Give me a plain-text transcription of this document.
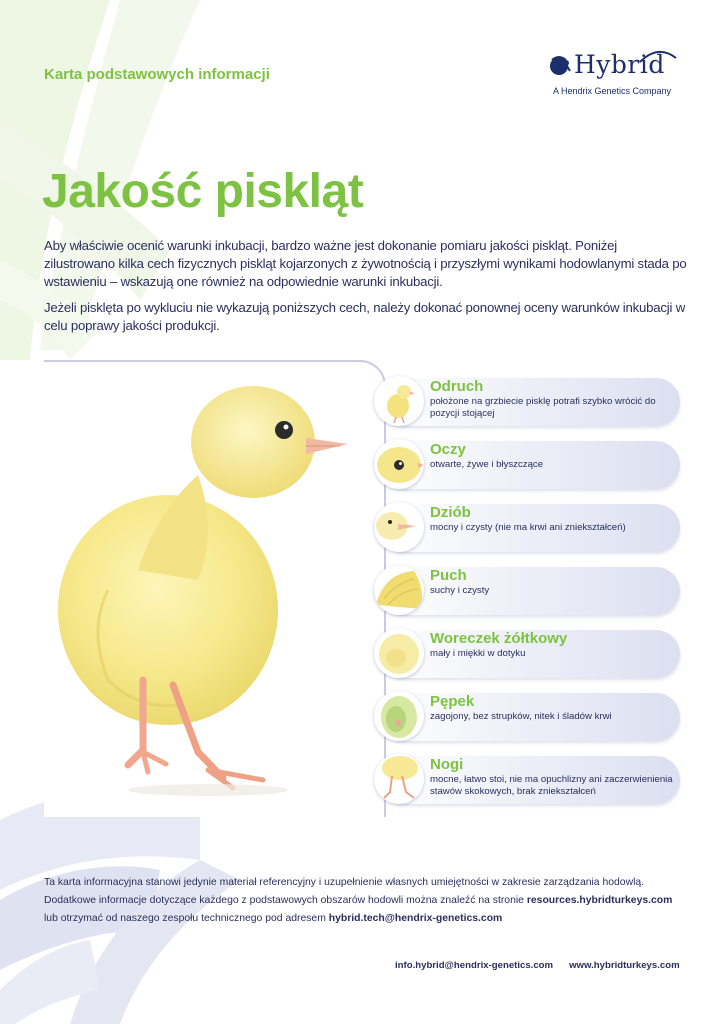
Karta podstawowych informacji	Hybrid
A Hendrix Genetics Company
Jakość piskląt

Aby właściwie ocenić warunki inkubacji, bardzo ważne jest dokonanie pomiaru jakości piskląt. Poniżej zilustrowano kilka cech fizycznych piskląt kojarzonych z żywotnością i przyszłymi wynikami hodowlanymi stada po wstawieniu – wskazują one również na odpowiednie warunki inkubacji.

Jeżeli pisklęta po wykluciu nie wykazują poniższych cech, należy dokonać ponownej oceny warunków inkubacji w celu poprawy jakości produkcji.

Odruch
położone na grzbiecie pisklę potrafi szybko wrócić do pozycji stojącej
Oczy
otwarte, żywe i błyszczące
Dziób
mocny i czysty (nie ma krwi ani zniekształceń)
Puch
suchy i czysty
Woreczek żółtkowy
mały i miękki w dotyku
Pępek
zagojony, bez strupków, nitek i śladów krwi
Nogi
mocne, łatwo stoi, nie ma opuchlizny ani zaczerwienienia stawów skokowych, brak zniekształceń

Ta karta informacyjna stanowi jedynie materiał referencyjny i uzupełnienie własnych umiejętności w zakresie zarządzania hodowlą.
Dodatkowe informacje dotyczące każdego z podstawowych obszarów hodowli można znaleźć na stronie resources.hybridturkeys.com
lub otrzymać od naszego zespołu technicznego pod adresem hybrid.tech@hendrix-genetics.com

info.hybrid@hendrix-genetics.com www.hybridturkeys.com
